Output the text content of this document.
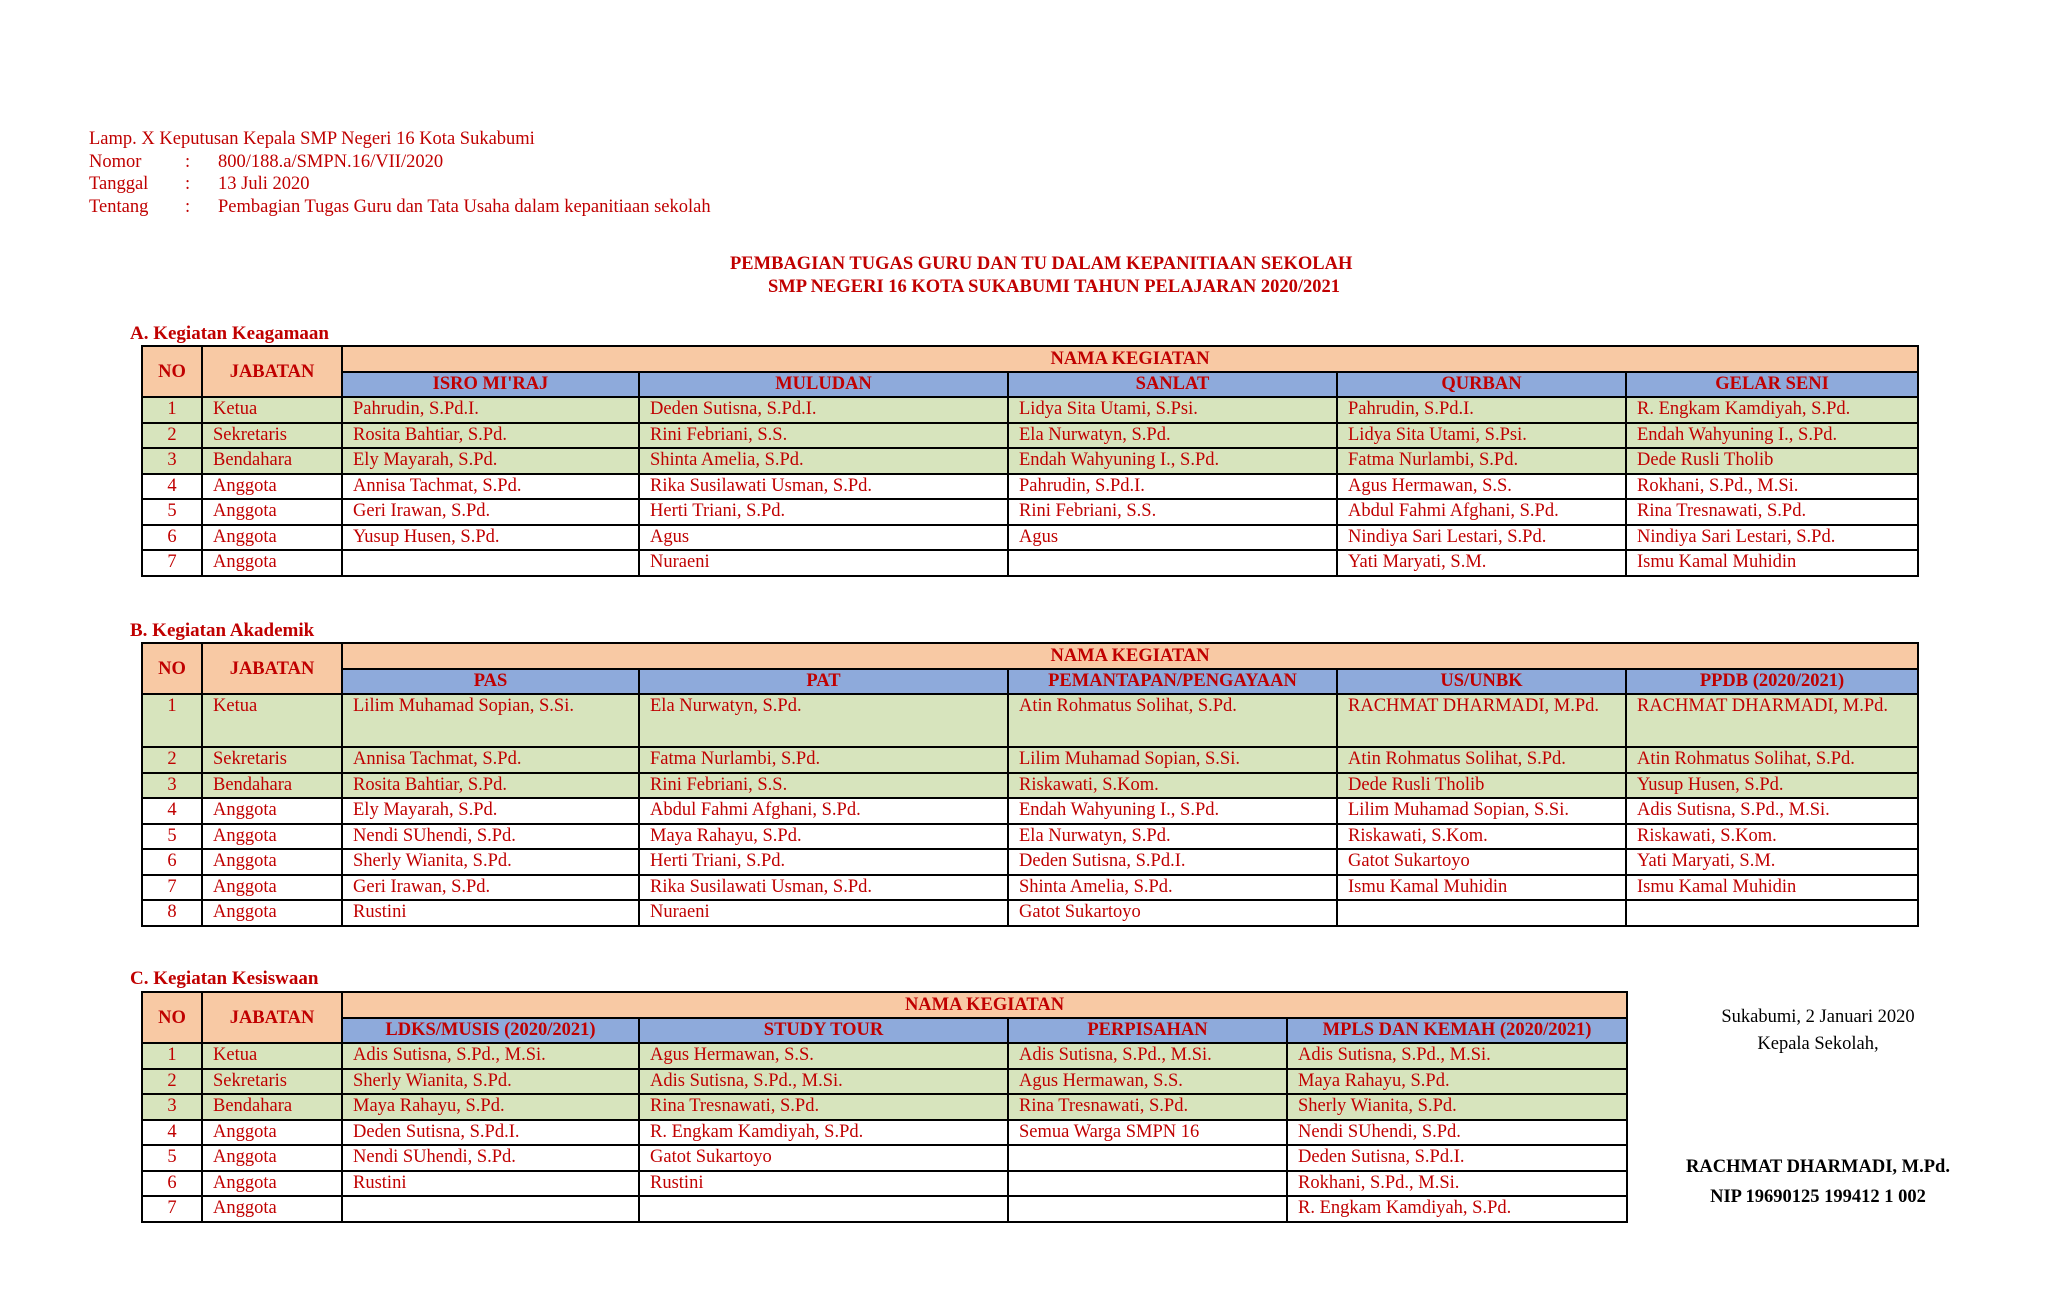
Lamp. X Keputusan Kepala SMP Negeri 16 Kota Sukabumi
Nomor	:	800/188.a/SMPN.16/VII/2020
Tanggal	:	13 Juli 2020
Tentang	:	Pembagian Tugas Guru dan Tata Usaha dalam kepanitiaan sekolah
PEMBAGIAN TUGAS GURU DAN TU DALAM KEPANITIAAN SEKOLAH
SMP NEGERI 16 KOTA SUKABUMI TAHUN PELAJARAN 2020/2021
A. Kegiatan Keagamaan
NO	JABATAN	NAMA KEGIATAN				
		ISRO MI'RAJ	MULUDAN	SANLAT	QURBAN	GELAR SENI
1	Ketua	Pahrudin, S.Pd.I.	Deden Sutisna, S.Pd.I.	Lidya Sita Utami, S.Psi.	Pahrudin, S.Pd.I.	R. Engkam Kamdiyah, S.Pd.
2	Sekretaris	Rosita Bahtiar, S.Pd.	Rini Febriani, S.S.	Ela Nurwatyn, S.Pd.	Lidya Sita Utami, S.Psi.	Endah Wahyuning I., S.Pd.
3	Bendahara	Ely Mayarah, S.Pd.	Shinta Amelia, S.Pd.	Endah Wahyuning I., S.Pd.	Fatma Nurlambi, S.Pd.	Dede Rusli Tholib
4	Anggota	Annisa Tachmat, S.Pd.	Rika Susilawati Usman, S.Pd.	Pahrudin, S.Pd.I.	Agus Hermawan, S.S.	Rokhani, S.Pd., M.Si.
5	Anggota	Geri Irawan, S.Pd.	Herti Triani, S.Pd.	Rini Febriani, S.S.	Abdul Fahmi Afghani, S.Pd.	Rina Tresnawati, S.Pd.
6	Anggota	Yusup Husen, S.Pd.	Agus	Agus	Nindiya Sari Lestari, S.Pd.	Nindiya Sari Lestari, S.Pd.
7	Anggota		Nuraeni		Yati Maryati, S.M.	Ismu Kamal Muhidin
B. Kegiatan Akademik
NO	JABATAN	NAMA KEGIATAN				
		PAS	PAT	PEMANTAPAN/PENGAYAAN	US/UNBK	PPDB (2020/2021)
1	Ketua	Lilim Muhamad Sopian, S.Si.	Ela Nurwatyn, S.Pd.	Atin Rohmatus Solihat, S.Pd.	RACHMAT DHARMADI, M.Pd.	RACHMAT DHARMADI, M.Pd.
2	Sekretaris	Annisa Tachmat, S.Pd.	Fatma Nurlambi, S.Pd.	Lilim Muhamad Sopian, S.Si.	Atin Rohmatus Solihat, S.Pd.	Atin Rohmatus Solihat, S.Pd.
3	Bendahara	Rosita Bahtiar, S.Pd.	Rini Febriani, S.S.	Riskawati, S.Kom.	Dede Rusli Tholib	Yusup Husen, S.Pd.
4	Anggota	Ely Mayarah, S.Pd.	Abdul Fahmi Afghani, S.Pd.	Endah Wahyuning I., S.Pd.	Lilim Muhamad Sopian, S.Si.	Adis Sutisna, S.Pd., M.Si.
5	Anggota	Nendi SUhendi, S.Pd.	Maya Rahayu, S.Pd.	Ela Nurwatyn, S.Pd.	Riskawati, S.Kom.	Riskawati, S.Kom.
6	Anggota	Sherly Wianita, S.Pd.	Herti Triani, S.Pd.	Deden Sutisna, S.Pd.I.	Gatot Sukartoyo	Yati Maryati, S.M.
7	Anggota	Geri Irawan, S.Pd.	Rika Susilawati Usman, S.Pd.	Shinta Amelia, S.Pd.	Ismu Kamal Muhidin	Ismu Kamal Muhidin
8	Anggota	Rustini	Nuraeni	Gatot Sukartoyo		
C. Kegiatan Kesiswaan
NO	JABATAN	NAMA KEGIATAN			
		LDKS/MUSIS (2020/2021)	STUDY TOUR	PERPISAHAN	MPLS DAN KEMAH (2020/2021)
1	Ketua	Adis Sutisna, S.Pd., M.Si.	Agus Hermawan, S.S.	Adis Sutisna, S.Pd., M.Si.	Adis Sutisna, S.Pd., M.Si.
2	Sekretaris	Sherly Wianita, S.Pd.	Adis Sutisna, S.Pd., M.Si.	Agus Hermawan, S.S.	Maya Rahayu, S.Pd.
3	Bendahara	Maya Rahayu, S.Pd.	Rina Tresnawati, S.Pd.	Rina Tresnawati, S.Pd.	Sherly Wianita, S.Pd.
4	Anggota	Deden Sutisna, S.Pd.I.	R. Engkam Kamdiyah, S.Pd.	Semua Warga SMPN 16	Nendi SUhendi, S.Pd.
5	Anggota	Nendi SUhendi, S.Pd.	Gatot Sukartoyo		Deden Sutisna, S.Pd.I.
6	Anggota	Rustini	Rustini		Rokhani, S.Pd., M.Si.
7	Anggota				R. Engkam Kamdiyah, S.Pd.
Sukabumi, 2 Januari 2020
Kepala Sekolah,
RACHMAT DHARMADI, M.Pd.
NIP 19690125 199412 1 002
